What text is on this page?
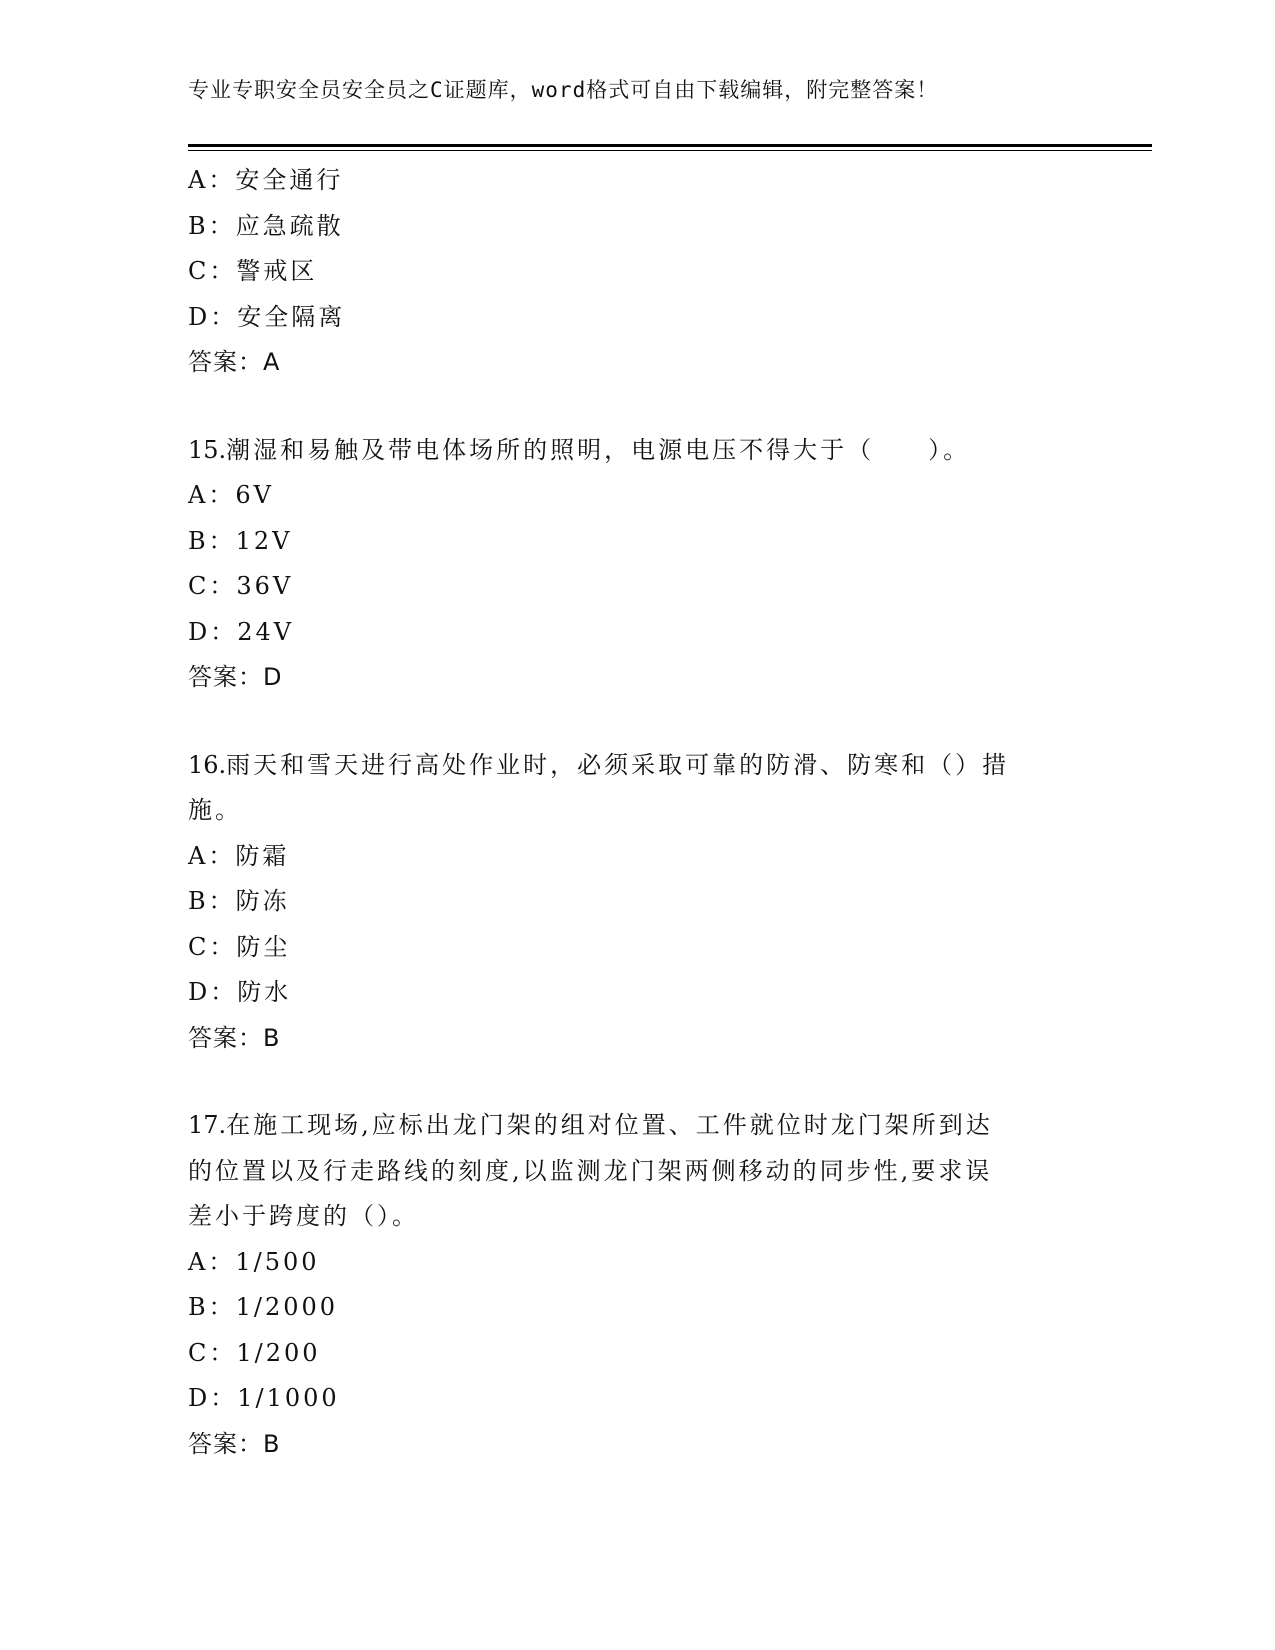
专业专职安全员安全员之C证题库，word格式可自由下载编辑，附完整答案！
A：安全通行
B：应急疏散
C：警戒区
D：安全隔离
答案：A
15.潮湿和易触及带电体场所的照明，电源电压不得大于（　　）。
A：6V
B：12V
C：36V
D：24V
答案：D
16.雨天和雪天进行高处作业时，必须采取可靠的防滑、防寒和（）措
施。
A：防霜
B：防冻
C：防尘
D：防水
答案：B
17.在施工现场,应标出龙门架的组对位置、工件就位时龙门架所到达
的位置以及行走路线的刻度,以监测龙门架两侧移动的同步性,要求误
差小于跨度的（）。
A：1/500
B：1/2000
C：1/200
D：1/1000
答案：B
